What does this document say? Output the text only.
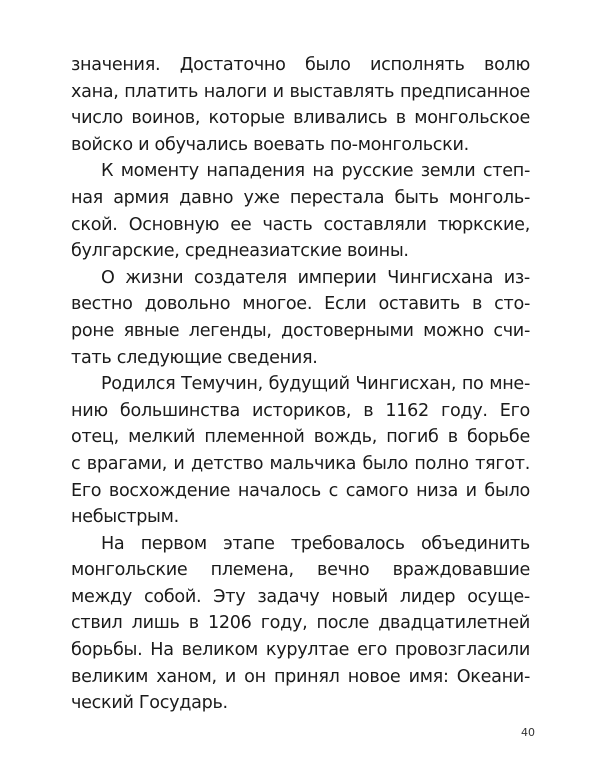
значения. Достаточно было исполнять волю
хана, платить налоги и выставлять предписанное
число воинов, которые вливались в монгольское
войско и обучались воевать по-монгольски.
К моменту нападения на русские земли степ-
ная армия давно уже перестала быть монголь-
ской. Основную ее часть составляли тюркские,
булгарские, среднеазиатские воины.
О жизни создателя империи Чингисхана из-
вестно довольно многое. Если оставить в сто-
роне явные легенды, достоверными можно счи-
тать следующие сведения.
Родился Темучин, будущий Чингисхан, по мне-
нию большинства историков, в 1162 году. Его
отец, мелкий племенной вождь, погиб в борьбе
с врагами, и детство мальчика было полно тягот.
Его восхождение началось с самого низа и было
небыстрым.
На первом этапе требовалось объединить
монгольские племена, вечно враждовавшие
между собой. Эту задачу новый лидер осуще-
ствил лишь в 1206 году, после двадцатилетней
борьбы. На великом курултае его провозгласили
великим ханом, и он принял новое имя: Океани-
ческий Государь.
40
